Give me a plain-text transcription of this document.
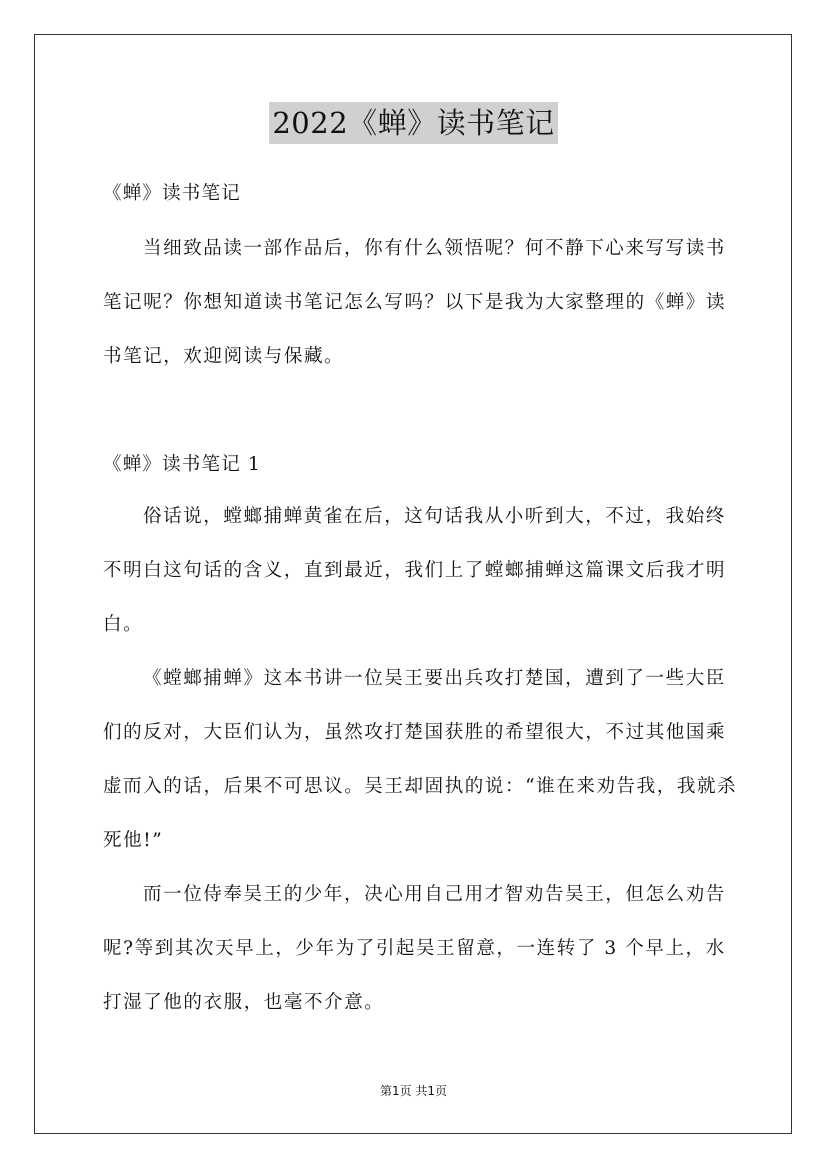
2022《蝉》读书笔记
《蝉》读书笔记

当细致品读一部作品后，你有什么领悟呢？何不静下心来写写读书笔记呢？你想知道读书笔记怎么写吗？以下是我为大家整理的《蝉》读书笔记，欢迎阅读与保藏。

《蝉》读书笔记 1

俗话说，螳螂捕蝉黄雀在后，这句话我从小听到大，不过，我始终不明白这句话的含义，直到最近，我们上了螳螂捕蝉这篇课文后我才明白。

《螳螂捕蝉》这本书讲一位吴王要出兵攻打楚国，遭到了一些大臣们的反对，大臣们认为，虽然攻打楚国获胜的希望很大，不过其他国乘虚而入的话，后果不可思议。吴王却固执的说：“谁在来劝告我，我就杀死他!”

而一位侍奉吴王的少年，决心用自己用才智劝告吴王，但怎么劝告呢?等到其次天早上，少年为了引起吴王留意，一连转了 3 个早上，水打湿了他的衣服，也毫不介意。

第1页 共1页
